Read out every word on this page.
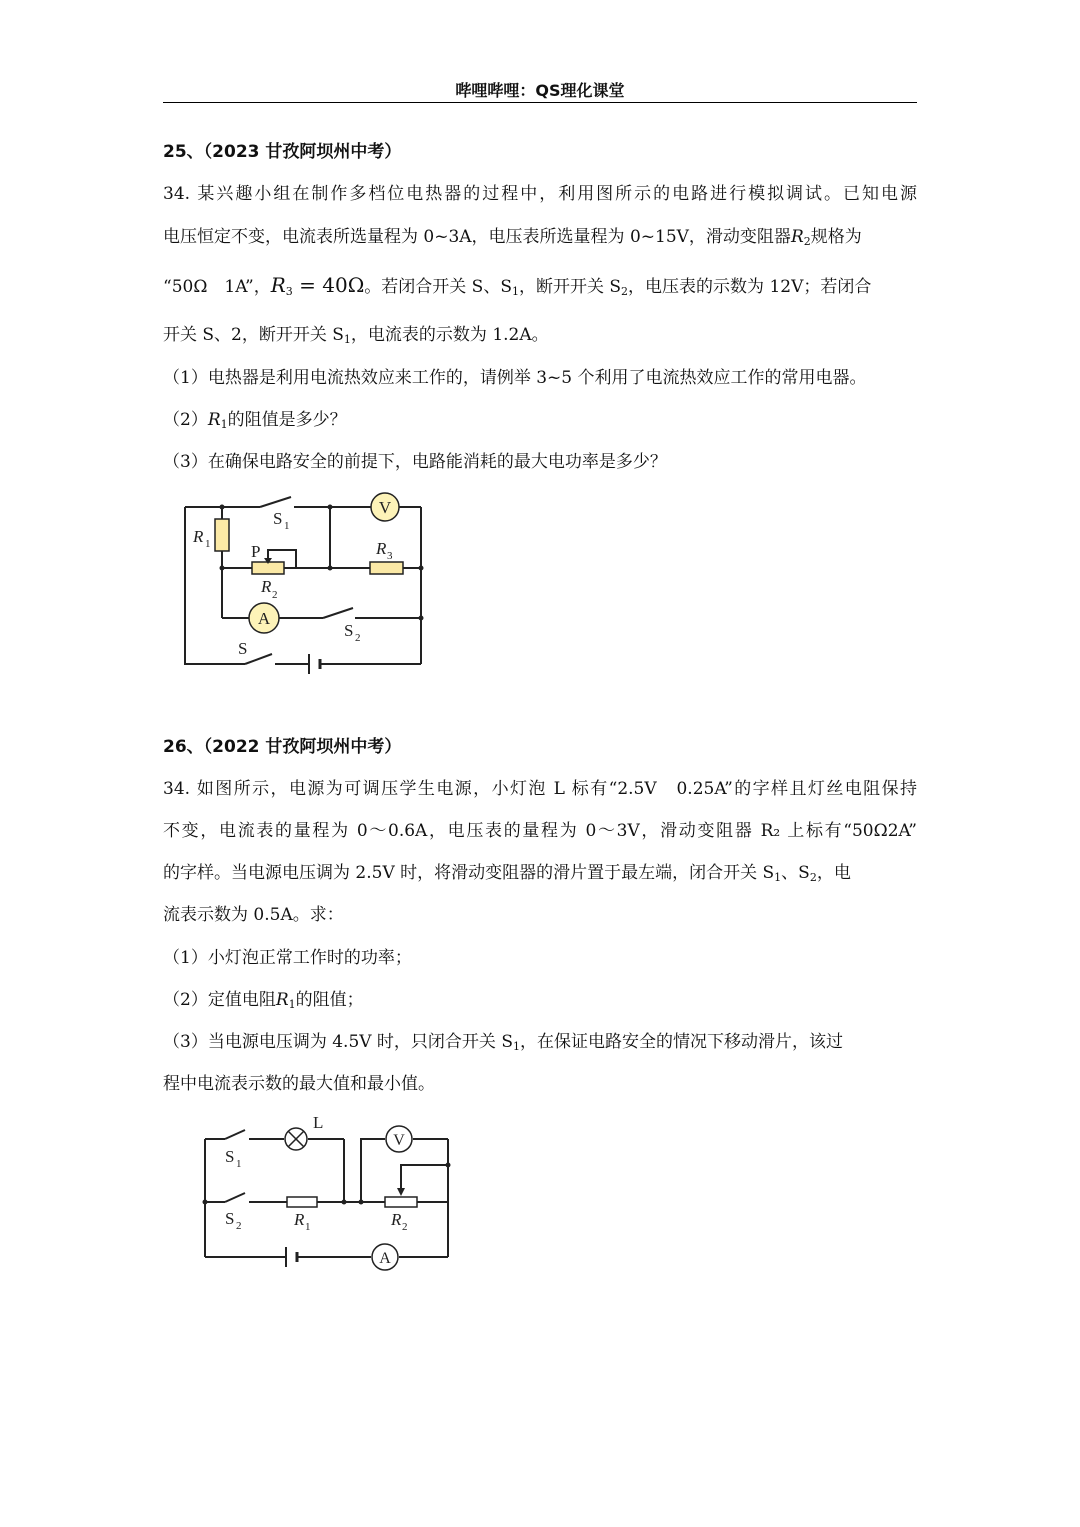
哔哩哔哩：QS理化课堂
25、（2023 甘孜阿坝州中考）
34. 某兴趣小组在制作多档位电热器的过程中，利用图所示的电路进行模拟调试。已知电源
电压恒定不变，电流表所选量程为 0~3A，电压表所选量程为 0~15V，滑动变阻器$R_2$规格为
“50Ω　1A”，$R_3 = 40\Omega$。若闭合开关 S、$S_1$，断开开关 $S_2$，电压表的示数为 12V；若闭合
开关 S、2，断开开关 $S_1$，电流表的示数为 1.2A。
（1）电热器是利用电流热效应来工作的，请例举 3~5 个利用了电流热效应工作的常用电器。
$(2)R_1$的阻值是多少？
（3）在确保电路安全的前提下，电路能消耗的最大电功率是多少？
V
A
R 1
S 1
P
R 2
R 3
S 2
S
26、（2022 甘孜阿坝州中考）
34. 如图所示，电源为可调压学生电源，小灯泡 L 标有“2.5V　0.25A”的字样且灯丝电阻保持
不变，电流表的量程为 0～0.6A，电压表的量程为 0～3V，滑动变阻器 R₂ 上标有“50Ω2A”
的字样。当电源电压调为 2.5V 时，将滑动变阻器的滑片置于最左端，闭合开关 $S_1$、$S_2$，电
流表示数为 0.5A。求：
（1）小灯泡正常工作时的功率；
（2）定值电阻$R_1$的阻值；
（3）当电源电压调为 4.5V 时，只闭合开关 $S_1$，在保证电路安全的情况下移动滑片，该过
程中电流表示数的最大值和最小值。
V
A
L
S 1
S 2	R 1	R 2
